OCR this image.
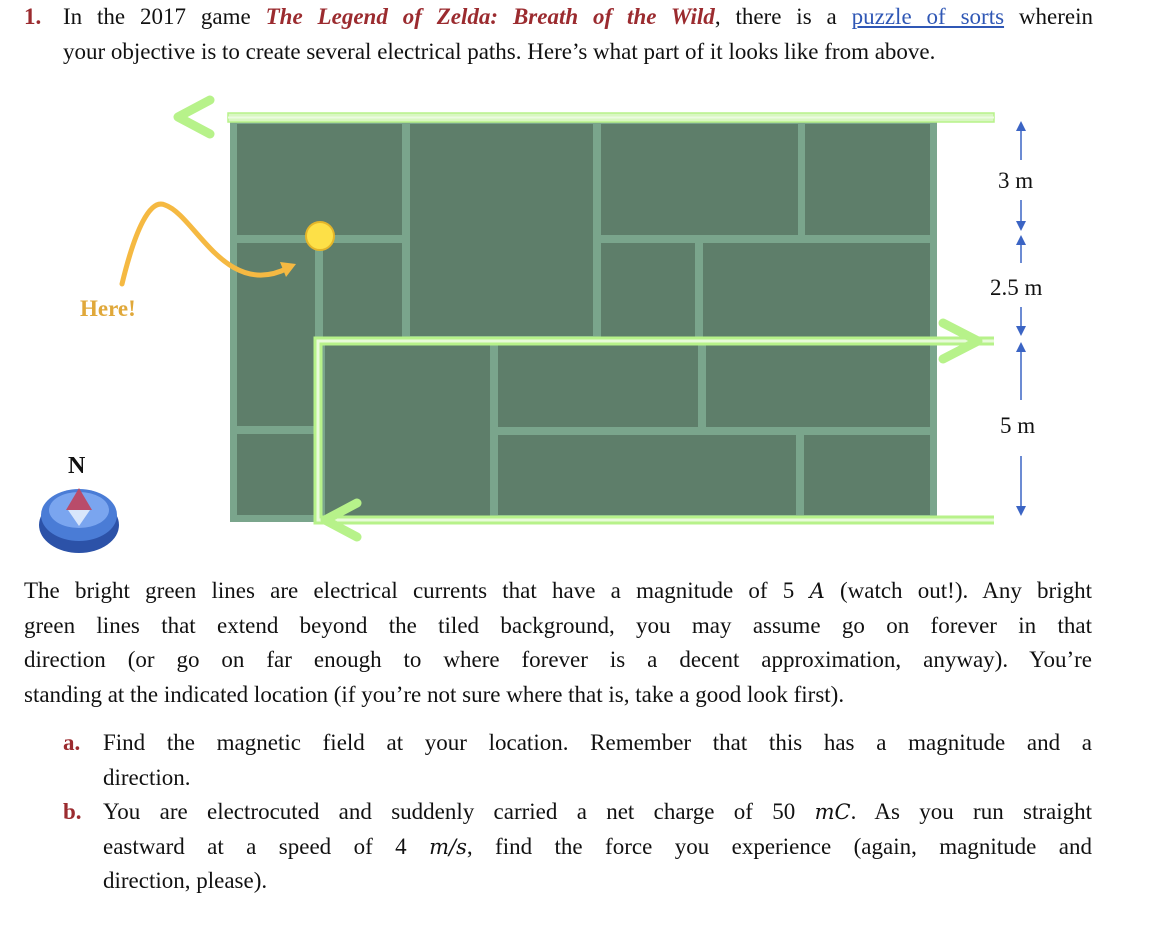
1. In the 2017 game The Legend of Zelda: Breath of the Wild, there is a puzzle of sorts wherein
your objective is to create several electrical paths. Here’s what part of it looks like from above.
Here!
N
3 m
2.5 m
5 m
The bright green lines are electrical currents that have a magnitude of 5 A (watch out!). Any bright
green lines that extend beyond the tiled background, you may assume go on forever in that
direction (or go on far enough to where forever is a decent approximation, anyway). You’re
standing at the indicated location (if you’re not sure where that is, take a good look first).
a. Find the magnetic field at your location. Remember that this has a magnitude and a
direction.
b. You are electrocuted and suddenly carried a net charge of 50 mC. As you run straight
eastward at a speed of 4 m/s, find the force you experience (again, magnitude and
direction, please).
